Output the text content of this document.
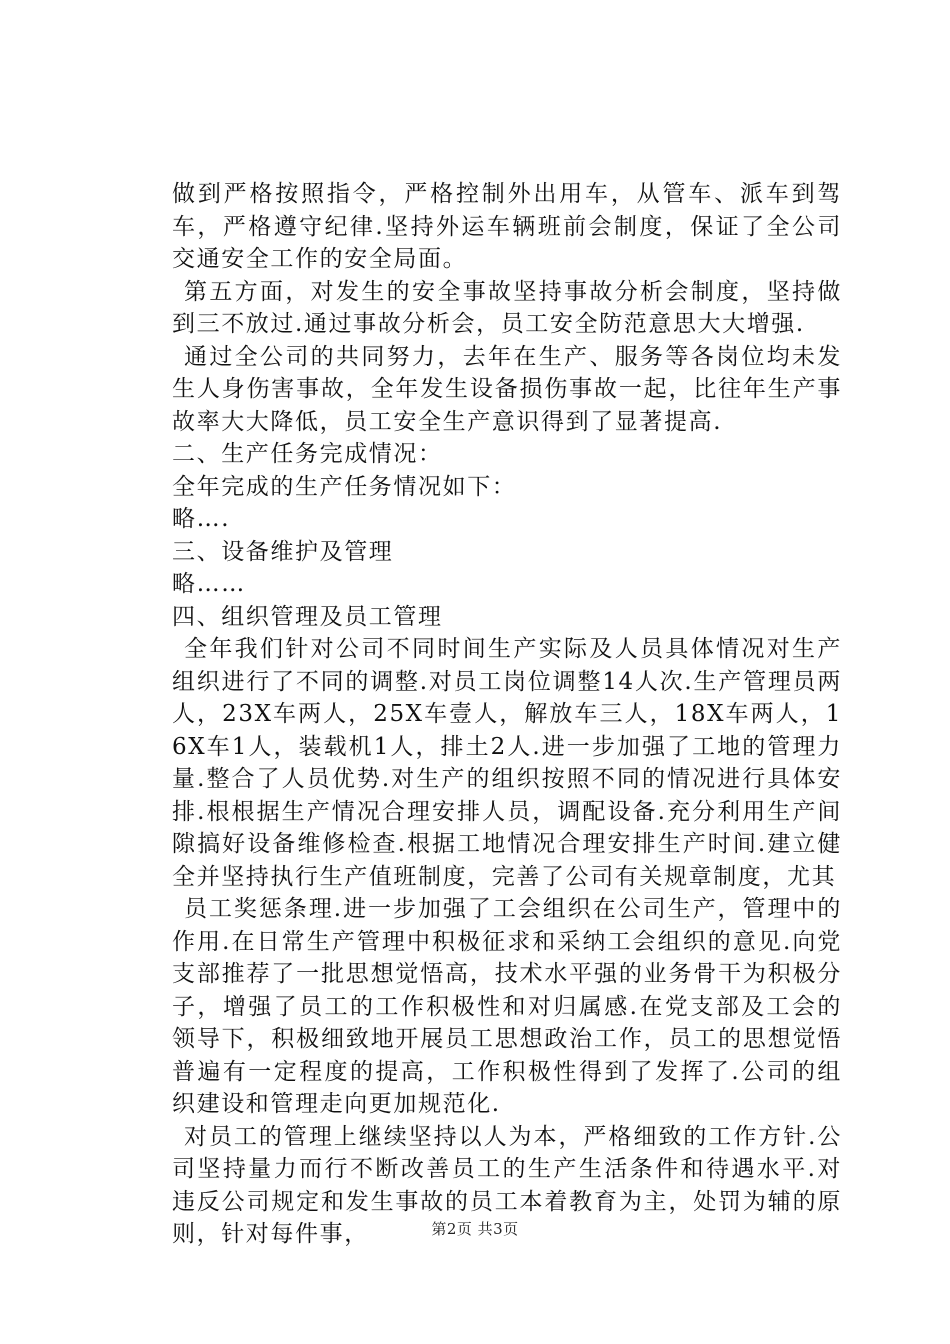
做到严格按照指令，严格控制外出用车，从管车、派车到驾车，严格遵守纪律.坚持外运车辆班前会制度，保证了全公司交通安全工作的安全局面。

第五方面，对发生的安全事故坚持事故分析会制度，坚持做到三不放过.通过事故分析会，员工安全防范意思大大增强.

通过全公司的共同努力，去年在生产、服务等各岗位均未发生人身伤害事故，全年发生设备损伤事故一起，比往年生产事故率大大降低，员工安全生产意识得到了显著提高.

二、生产任务完成情况：

全年完成的生产任务情况如下：

略….

三、设备维护及管理

略……

四、组织管理及员工管理

全年我们针对公司不同时间生产实际及人员具体情况对生产组织进行了不同的调整.对员工岗位调整14人次.生产管理员两人，23X车两人，25X车壹人，解放车三人，18X车两人，16X车1人，装载机1人，排土2人.进一步加强了工地的管理力量.整合了人员优势.对生产的组织按照不同的情况进行具体安排.根根据生产情况合理安排人员，调配设备.充分利用生产间隙搞好设备维修检查.根据工地情况合理安排生产时间.建立健全并坚持执行生产值班制度，完善了公司有关规章制度，尤其

员工奖惩条理.进一步加强了工会组织在公司生产，管理中的作用.在日常生产管理中积极征求和采纳工会组织的意见.向党支部推荐了一批思想觉悟高，技术水平强的业务骨干为积极分子，增强了员工的工作积极性和对归属感.在党支部及工会的领导下，积极细致地开展员工思想政治工作，员工的思想觉悟普遍有一定程度的提高，工作积极性得到了发挥了.公司的组织建设和管理走向更加规范化.

对员工的管理上继续坚持以人为本，严格细致的工作方针.公司坚持量力而行不断改善员工的生产生活条件和待遇水平.对违反公司规定和发生事故的员工本着教育为主，处罚为辅的原则，针对每件事，	第2页 共3页
